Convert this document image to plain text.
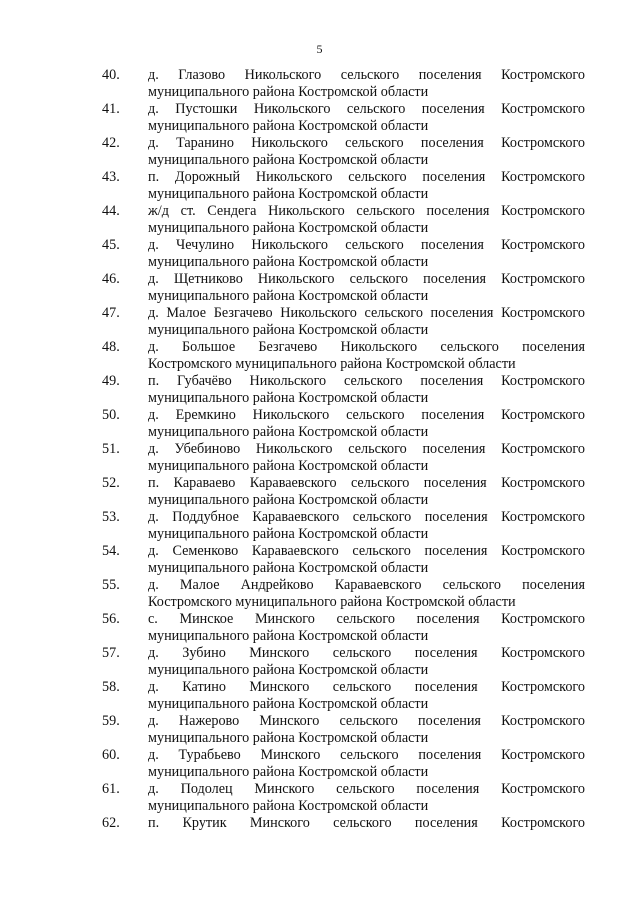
5
40. д. Глазово Никольского сельского поселения Костромского
муниципального района Костромской области
41. д. Пустошки Никольского сельского поселения Костромского
муниципального района Костромской области
42. д. Таранино Никольского сельского поселения Костромского
муниципального района Костромской области
43. п. Дорожный Никольского сельского поселения Костромского
муниципального района Костромской области
44. ж/д ст. Сендега Никольского сельского поселения Костромского
муниципального района Костромской области
45. д. Чечулино Никольского сельского поселения Костромского
муниципального района Костромской области
46. д. Щетниково Никольского сельского поселения Костромского
муниципального района Костромской области
47. д. Малое Безгачево Никольского сельского поселения Костромского
муниципального района Костромской области
48. д. Большое Безгачево Никольского сельского поселения
Костромского муниципального района Костромской области
49. п. Губачёво Никольского сельского поселения Костромского
муниципального района Костромской области
50. д. Еремкино Никольского сельского поселения Костромского
муниципального района Костромской области
51. д. Убебиново Никольского сельского поселения Костромского
муниципального района Костромской области
52. п. Караваево Караваевского сельского поселения Костромского
муниципального района Костромской области
53. д. Поддубное Караваевского сельского поселения Костромского
муниципального района Костромской области
54. д. Семенково Караваевского сельского поселения Костромского
муниципального района Костромской области
55. д. Малое Андрейково Караваевского сельского поселения
Костромского муниципального района Костромской области
56. с. Минское Минского сельского поселения Костромского
муниципального района Костромской области
57. д. Зубино Минского сельского поселения Костромского
муниципального района Костромской области
58. д. Катино Минского сельского поселения Костромского
муниципального района Костромской области
59. д. Нажерово Минского сельского поселения Костромского
муниципального района Костромской области
60. д. Турабьево Минского сельского поселения Костромского
муниципального района Костромской области
61. д. Подолец Минского сельского поселения Костромского
муниципального района Костромской области
62. п. Крутик Минского сельского поселения Костромского
